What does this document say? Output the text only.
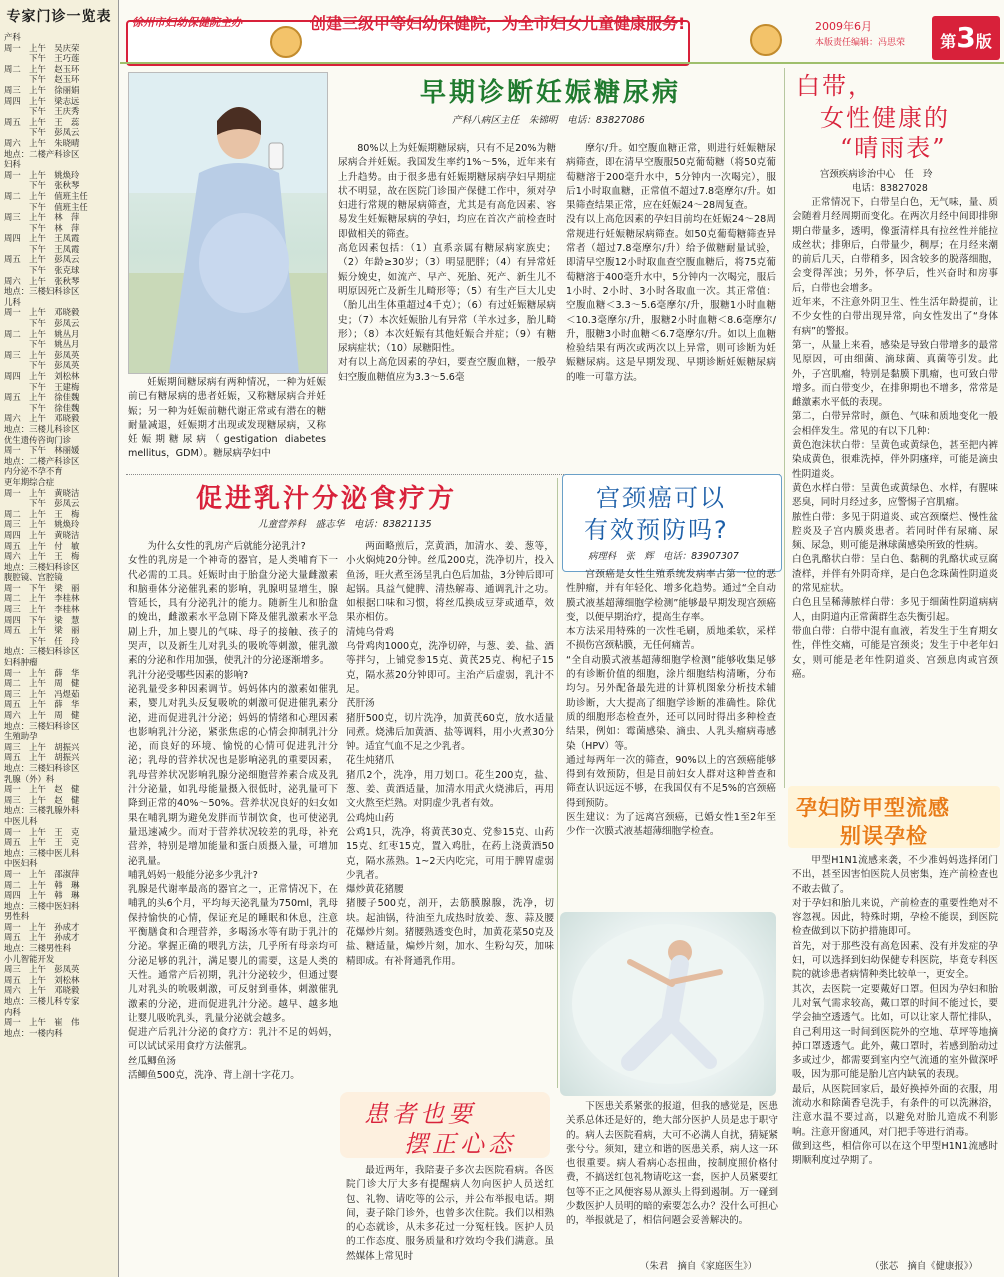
专家门诊一览表
产科
周一　上午　吴庆荣
　　　下午　王巧莲
周二　上午　赵玉环
　　　下午　赵玉环
周三　上午　徐丽娟
周四　上午　梁志远
　　　下午　王庆秀
周五　上午　王　蕊
　　　下午　彭凤云
周六　上午　朱晓晴
地点：二楼产科诊区
妇科
周一　上午　姚焕玲
　　　下午　张秋琴
周二　上午　值班主任
　　　下午　值班主任
周三　上午　林　萍
　　　下午　林　萍
周四　上午　王凤霞
　　　下午　王凤霞
周五　上午　彭凤云
　　　下午　张克球
周六　上午　张秋琴
地点：三楼妇科诊区
儿科
周一　上午　邓晓毅
　　　下午　彭凤云
周二　上午　姚丛月
　　　下午　姚丛月
周三　上午　彭凤英
　　　下午　彭凤英
周四　上午　刘松林
　　　下午　王建梅
周五　上午　徐佳魏
　　　下午　徐佳魏
周六　上午　邓晓毅
地点：三楼儿科诊区
优生遗传咨询门诊
周一　下午　林丽媛
地点：二楼产科诊区
内分泌不孕不育
更年期综合症
周一　上午　黄晓洁
　　　下午　彭凤云
周二　上午　王　梅
周三　上午　姚焕玲
周四　上午　黄晓洁
周五　上午　付　敏
周六　上午　王　梅
地点：三楼妇科诊区
腹腔镜、宫腔镜
周一　下午　梁　丽
周二　上午　李桂林
周三　上午　李桂林
周四　下午　梁　慧
周五　上午　梁　丽
　　　下午　任　玲
地点：三楼妇科诊区
妇科肿瘤
周一　上午　薛　华
周二　上午　周　健
周三　上午　冯煜茹
周五　上午　薛　华
周六　上午　周　健
地点：三楼妇科诊区
生殖助孕
周三　上午　胡振兴
周五　上午　胡振兴
地点：三楼妇科诊区
乳腺（外）科
周一　上午　赵　健
周三　上午　赵　健
地点：三楼乳腺外科
中医儿科
周一　上午　王　克
周五　上午　王　克
地点：三楼中医儿科
中医妇科
周一　上午　邵淑萍
周二　上午　韩　琳
周四　上午　韩　琳
地点：三楼中医妇科
男性科
周一　上午　孙成才
周五　上午　孙成才
地点：三楼男性科
小儿智能开发
周三　上午　彭凤英
周五　上午　刘松林
周六　上午　邓晓毅
地点：三楼儿科专家
内科
周一　上午　崔　伟
地点：一楼内科
徐州市妇幼保健院主办	创建三级甲等妇幼保健院，为全市妇女儿童健康服务!	2009年6月
本版责任编辑：冯思荣	第3版
早期诊断妊娠糖尿病
产科八病区主任　朱锦明　电话：83827086

妊娠期间糖尿病有两种情况，一种为妊娠前已有糖尿病的患者妊娠，又称糖尿病合并妊娠；另一种为妊娠前糖代谢正常或有潜在的糖耐量减退，妊娠期才出现或发现糖尿病，又称妊娠期糖尿病（gestigation diabetes mellitus，GDM）。糖尿病孕妇中

80%以上为妊娠期糖尿病，只有不足20%为糖尿病合并妊娠。我国发生率约1%～5%，近年来有上升趋势。由于很多患有妊娠期糖尿病孕妇早期症状不明显，故在医院门诊围产保健工作中，须对孕妇进行常规的糖尿病筛查，尤其是有高危因素、容易发生妊娠糖尿病的孕妇，均应在首次产前检查时即做相关的筛查。
高危因素包括：（1）直系亲属有糖尿病家族史；（2）年龄≥30岁；（3）明显肥胖；（4）有异常妊娠分娩史，如流产、早产、死胎、死产、新生儿不明原因死亡及新生儿畸形等；（5）有生产巨大儿史（胎儿出生体重超过4千克）；（6）有过妊娠糖尿病史；（7）本次妊娠胎儿有异常（羊水过多，胎儿畸形）；（8）本次妊娠有其他妊娠合并症；（9）有糖尿病症状；（10）尿糖阳性。
对有以上高危因素的孕妇，要查空腹血糖，一般孕妇空腹血糖值应为3.3～5.6毫

摩尔/升。如空腹血糖正常，则进行妊娠糖尿病筛查，即在清早空腹服50克葡萄糖（将50克葡萄糖溶于200毫升水中，5分钟内一次喝完），服后1小时取血糖，正常值不超过7.8毫摩尔/升。如果筛查结果正常，应在妊娠24～28周复查。
没有以上高危因素的孕妇目前均在妊娠24～28周常规进行妊娠糖尿病筛查。如50克葡萄糖筛查异常者（超过7.8毫摩尔/升）给予做糖耐量试验，即清早空腹12小时取血查空腹血糖后，将75克葡萄糖溶于400毫升水中，5分钟内一次喝完，服后1小时、2小时、3小时各取血一次。其正常值：空腹血糖＜3.3～5.6毫摩尔/升，服糖1小时血糖＜10.3毫摩尔/升，服糖2小时血糖＜8.6毫摩尔/升，服糖3小时血糖＜6.7毫摩尔/升。如以上血糖检验结果有两次或两次以上异常，则可诊断为妊娠糖尿病。这是早期发现、早期诊断妊娠糖尿病的唯一可靠方法。

白带，
女性健康的
“晴雨表”
宫颈疾病诊治中心　任　玲
电话：83827028

正常情况下，白带呈白色，无气味，量、质会随着月经周期而变化。在两次月经中间即排卵期白带量多，透明，像蛋清样具有拉丝性并能拉成丝状；排卵后，白带量少，稠厚；在月经来潮的前后几天，白带稍多，因含较多的脱落细胞，会变得浑浊；另外，怀孕后，性兴奋时和房事后，白带也会增多。
近年来，不注意外阴卫生、性生活年龄提前，让不少女性的白带出现异常，向女性发出了“身体有病”的警报。
第一，从量上来看，感染是导致白带增多的最常见原因，可由细菌、滴球菌、真菌等引发。此外，子宫肌瘤，特别是黏膜下肌瘤，也可致白带增多。而白带变少，在排卵期也不增多，常常是雌激素水平低的表现。
第二，白带异常时，颜色、气味和质地变化一般会相伴发生。常见的有以下几种：
黄色泡沫状白带：呈黄色或黄绿色，甚至把内裤染成黄色，很难洗掉，伴外阴瘙痒，可能是滴虫性阴道炎。
黄色水样白带：呈黄色或黄绿色、水样，有腥味恶臭，同时月经过多，应警惕子宫肌瘤。
脓性白带：多见于阴道炎、或宫颈糜烂、慢性盆腔炎及子宫内膜炎患者。若同时伴有尿痛、尿频、尿急，则可能是淋球菌感染所致的性病。
白色乳酪状白带：呈白色、黏稠的乳酪状或豆腐渣样，并伴有外阴奇痒，是白色念珠菌性阴道炎的常见症状。
白色且呈稀薄脓样白带：多见于细菌性阴道病病人，由阴道内正常菌群生态失衡引起。
带血白带：白带中混有血液，若发生于生育期女性，伴性交痛，可能是宫颈炎；发生于中老年妇女，则可能是老年性阴道炎、宫颈息肉或宫颈癌。

促进乳汁分泌食疗方
儿童营养科　盛志华　电话：83821135

为什么女性的乳房产后就能分泌乳汁?
女性的乳房是一个神奇的器官，是人类哺育下一代必需的工具。妊娠时由于胎盘分泌大量雌激素和脑垂体分泌催乳素的影响，乳腺明显增生，腺管延长，具有分泌乳汁的能力。随新生儿和胎盘的娩出，雌激素水平急剧下降及催乳激素水平急剧上升，加上婴儿的气味、母子的接触、孩子的哭声，以及新生儿对乳头的吸吮等刺激，催乳激素的分泌和作用加强，使乳汁的分泌逐渐增多。
乳汁分泌受哪些因素的影响?
泌乳量受多种因素调节。妈妈体内的激素如催乳素，婴儿对乳头反复吸吮的刺激可促进催乳素分泌，进而促进乳汁分泌；妈妈的情绪和心理因素也影响乳汁分泌，紧张焦虑的心情会抑制乳汁分泌，而良好的环境、愉悦的心情可促进乳汁分泌；乳母的营养状况也是影响泌乳的重要因素，乳母营养状况影响乳腺分泌细胞营养素合成及乳汁分泌量，如乳母能量摄入很低时，泌乳量可下降到正常的40%～50%。营养状况良好的妇女如果在哺乳期为避免发胖而节制饮食，也可使泌乳量迅速减少。而对于营养状况较差的乳母，补充营养，特别是增加能量和蛋白质摄入量，可增加泌乳量。
哺乳妈妈一般能分泌多少乳汁?
乳腺是代谢率最高的器官之一，正常情况下，在哺乳的头6个月，平均每天泌乳量为750ml，乳母保持愉快的心情，保证充足的睡眠和休息，注意平衡膳食和合理营养，多喝汤水等有助于乳汁的分泌。掌握正确的喂乳方法，几乎所有母亲均可分泌足够的乳汁，满足婴儿的需要，这是人类的天性。通常产后初期，乳汁分泌较少，但通过婴儿对乳头的吮吸刺激，可反射到垂体，刺激催乳激素的分泌，进而促进乳汁分泌。越早、越多地让婴儿吸吮乳头，乳量分泌就会越多。
促进产后乳汁分泌的食疗方：乳汁不足的妈妈，可以试试采用食疗方法催乳。
丝瓜鲫鱼汤
活鲫鱼500克，洗净、背上剖十字花刀。

两面略煎后，烹黄酒，加清水、姜、葱等，小火焖炖20分钟。丝瓜200克，洗净切片，投入鱼汤，旺火煮至汤呈乳白色后加盐，3分钟后即可起锅。具益气健脾、清热解毒、通调乳汁之功。如根据口味和习惯，将丝瓜换成豆芽或通草，效果亦相仿。
清炖乌骨鸡
乌骨鸡肉1000克，洗净切碎，与葱、姜、盐、酒等拌匀，上铺党参15克、黄芪25克、枸杞子15克，隔水蒸20分钟即可。主治产后虚弱，乳汁不足。
芪肝汤
猪肝500克，切片洗净，加黄芪60克，放水适量同煮。烧沸后加黄酒、盐等调料，用小火煮30分钟。适宜气血不足之少乳者。
花生炖猪爪
猪爪2个，洗净，用刀划口。花生200克，盐、葱、姜、黄酒适量，加清水用武火烧沸后，再用文火熬至烂熟。对阴虚少乳者有效。
公鸡炖山药
公鸡1只，洗净，将黄芪30克、党参15克、山药15克、红枣15克，置入鸡肚，在药上浇黄酒50克，隔水蒸熟。1~2天内吃完，可用于脾胃虚弱少乳者。
爆炒黄花猪腰
猪腰子500克，剖开，去筋膜腺腺，洗净，切块。起油锅，待油至九成热时放姜、葱、蒜及腰花爆炒片刻。猪腰熟透变色时，加黄花菜50克及盐、糖适量，煸炒片刻，加水、生粉勾芡，加味精即成。有补肾通乳作用。

宫颈癌可以
有效预防吗?
病理科　张　辉　电话：83907307

宫颈癌是女性生殖系统发病率占第一位的恶性肿瘤，并有年轻化、增多化趋势。通过“全自动膜式液基超薄细胞学检测”能够最早期发现宫颈癌变，以便早期治疗，提高生存率。
本方法采用特殊的一次性毛刷，质地柔软，采样不损伤宫颈粘膜，无任何痛苦。
“全自动膜式液基超薄细胞学检测”能够收集足够的有诊断价值的细胞，涂片细胞结构清晰，分布均匀。另外配备最先进的计算机图象分析技术辅助诊断，大大提高了细胞学诊断的准确性。除优质的细胞形态检查外，还可以同时得出多种检查结果，例如：霉菌感染、滴虫、人乳头瘤病毒感染（HPV）等。
通过每两年一次的筛查，90%以上的宫颈癌能够得到有效预防，但是目前妇女人群对这种普查和筛查认识远远不够，在我国仅有不足5%的宫颈癌得到预防。
医生建议：为了远离宫颈癌，已婚女性1至2年至少作一次膜式液基超薄细胞学检查。

孕妇防甲型流感
别误孕检

甲型H1N1流感来袭，不少准妈妈选择闭门不出，甚至因害怕医院人员密集，连产前检查也不敢去做了。
对于孕妇和胎儿来说，产前检查的重要性绝对不容忽视。因此，特殊时期，孕检不能误，到医院检查做到以下防护措施即可。
首先，对于那些没有高危因素、没有并发症的孕妇，可以选择到妇幼保健专科医院，毕竟专科医院的就诊患者病情种类比较单一，更安全。
其次，去医院一定要戴好口罩。但因为孕妇和胎儿对氧气需求较高，戴口罩的时间不能过长，要学会抽空透透气。比如，可以让家人帮忙排队，自己利用这一时间到医院外的空地、草坪等地摘掉口罩透透气。此外，戴口罩时，若感到胎动过多或过少，都需要到室内空气流通的室外做深呼吸，因为那可能是胎儿宫内缺氧的表现。
最后，从医院回家后，最好换掉外面的衣服，用流动水和除菌香皂洗手，有条件的可以洗淋浴，注意水温不要过高，以避免对胎儿造成不利影响。注意开窗通风，对门把手等进行消毒。
做到这些，相信你可以在这个甲型H1N1流感时期顺利度过孕期了。

（张芯　摘自《健康报》）
患者也要
摆正心态

最近两年，我陪妻子多次去医院看病。各医院门诊大厅大多有提醒病人勿向医护人员送红包、礼物、请吃等的公示，并公布举报电话。期间，妻子除门诊外，也曾多次住院。我们以相熟的心态就诊，从未多花过一分冤枉钱。医护人员的工作态度、服务质量和疗效均令我们满意。虽然媒体上常见时

下医患关系紧张的报道，但我的感觉是，医患关系总体还是好的，绝大部分医护人员是忠于职守的。病人去医院看病，大可不必满人自扰，猜疑紧张兮兮。须知，建立和谐的医患关系，病人这一环也很重要。病人看病心态扭曲，按制度照价格付费，不搞送红包礼物请吃这一套，医护人员紧要红包等不正之风便容易从源头上得到遏制。万一碰到少数医护人员明的暗的索要怎么办？没什么可担心的，举报就是了，相信问题会妥善解决的。

（朱君　摘自《家庭医生》）
